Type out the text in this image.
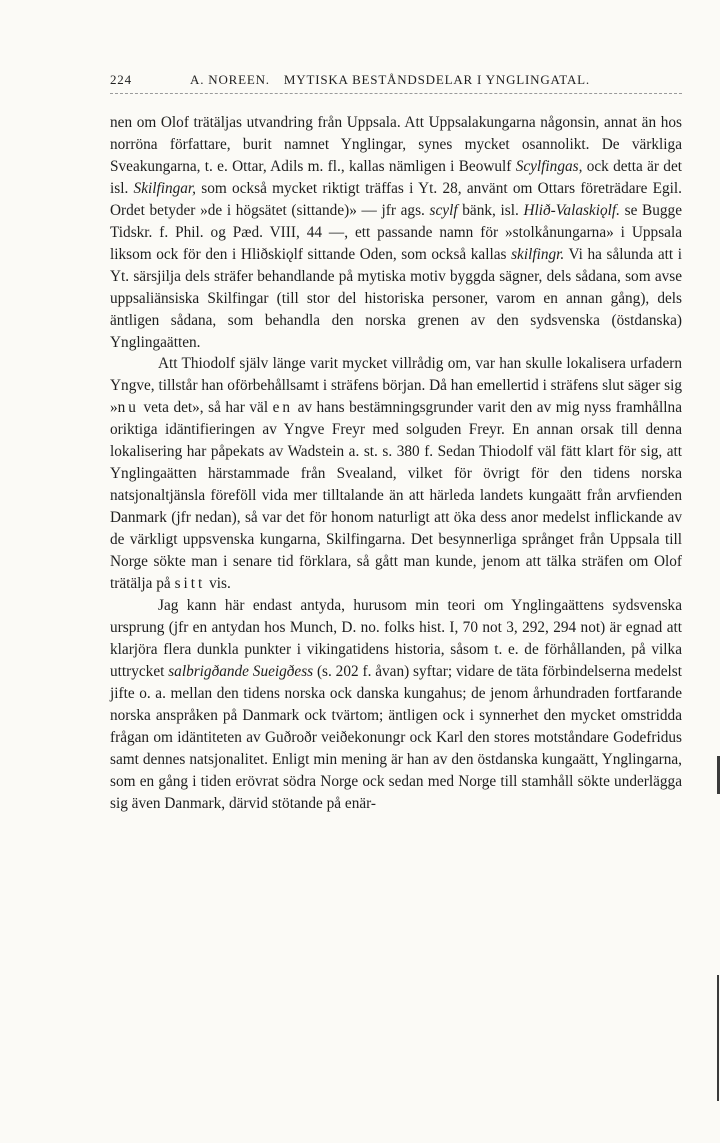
224	A. NOREEN. MYTISKA BESTÅNDSDELAR I YNGLINGATAL.

nen om Olof trätäljas utvandring från Uppsala. Att Uppsalakungarna någonsin, annat än hos norröna författare, burit namnet Ynglingar, synes mycket osannolikt. De värkliga Sveakungarna, t. e. Ottar, Adils m. fl., kallas nämligen i Beowulf Scylfingas, ock detta är det isl. Skilfingar, som också mycket riktigt träffas i Yt. 28, använt om Ottars företrädare Egil. Ordet betyder »de i högsätet (sittande)» — jfr ags. scylf bänk, isl. Hlið-Valaskiǫlf. se Bugge Tidskr. f. Phil. og Pæd. VIII, 44 —, ett passande namn för »stolkånungarna» i Uppsala liksom ock för den i Hliðskiǫlf sittande Oden, som också kallas skilfingr. Vi ha sålunda att i Yt. särsjilja dels sträfer behandlande på mytiska motiv byggda sägner, dels sådana, som avse uppsaliänsiska Skilfingar (till stor del historiska personer, varom en annan gång), dels äntligen sådana, som behandla den norska grenen av den sydsvenska (östdanska) Ynglingaätten.

Att Thiodolf själv länge varit mycket villrådig om, var han skulle lokalisera urfadern Yngve, tillstår han oförbehållsamt i sträfens början. Då han emellertid i sträfens slut säger sig »nu veta det», så har väl en av hans bestämningsgrunder varit den av mig nyss framhållna oriktiga idäntifieringen av Yngve Freyr med solguden Freyr. En annan orsak till denna lokalisering har påpekats av Wadstein a. st. s. 380 f. Sedan Thiodolf väl fätt klart för sig, att Ynglingaätten härstammade från Svealand, vilket för övrigt för den tidens norska natsjonaltjänsla föreföll vida mer tilltalande än att härleda landets kungaätt från arvfienden Danmark (jfr nedan), så var det för honom naturligt att öka dess anor medelst inflickande av de värkligt uppsvenska kungarna, Skilfingarna. Det besynnerliga språnget från Uppsala till Norge sökte man i senare tid förklara, så gått man kunde, jenom att tälka sträfen om Olof trätälja på sitt vis.

Jag kann här endast antyda, hurusom min teori om Ynglingaättens sydsvenska ursprung (jfr en antydan hos Munch, D. no. folks hist. I, 70 not 3, 292, 294 not) är egnad att klarjöra flera dunkla punkter i vikingatidens historia, såsom t. e. de förhållanden, på vilka uttrycket salbrigðande Sueigðess (s. 202 f. åvan) syftar; vidare de täta förbindelserna medelst jifte o. a. mellan den tidens norska ock danska kungahus; de jenom århundraden fortfarande norska anspråken på Danmark ock tvärtom; äntligen ock i synnerhet den mycket omstridda frågan om idäntiteten av Guðroðr veiðekonungr ock Karl den stores motståndare Godefridus samt dennes natsjonalitet. Enligt min mening är han av den östdanska kungaätt, Ynglingarna, som en gång i tiden erövrat södra Norge ock sedan med Norge till stamhåll sökte underlägga sig även Danmark, därvid stötande på enär-
